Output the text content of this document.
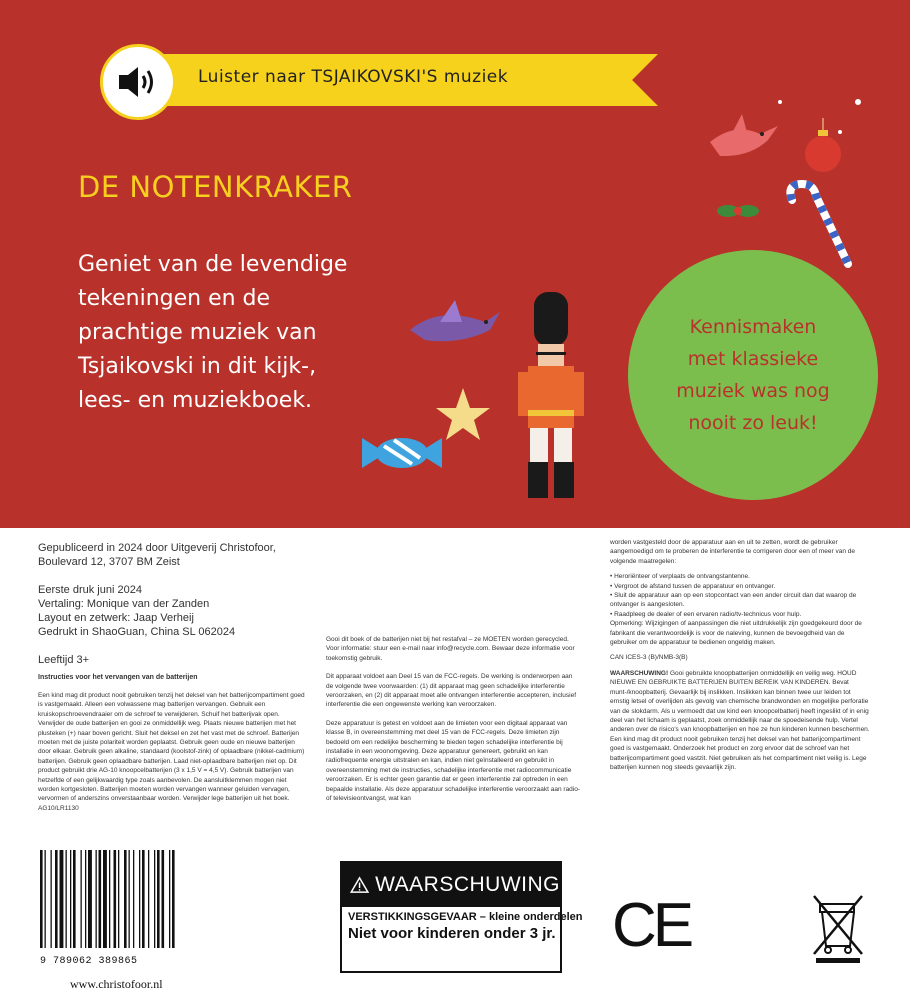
Luister naar TSJAIKOVSKI'S muziek
DE NOTENKRAKER
Geniet van de levendige
tekeningen en de
prachtige muziek van
Tsjaikovski in dit kijk-,
lees- en muziekboek.
Kennismaken
met klassieke
muziek was nog
nooit zo leuk!

Gepubliceerd in 2024 door Uitgeverij Christofoor,

Boulevard 12, 3707 BM Zeist

Eerste druk juni 2024

Vertaling: Monique van der Zanden

Layout en zetwerk: Jaap Verheij

Gedrukt in ShaoGuan, China SL 062024

Leeftijd 3+

Instructies voor het vervangen van de batterijen
Een kind mag dit product nooit gebruiken tenzij het deksel van het batterijcompartiment goed is vastgemaakt. Alleen een volwassene mag batterijen vervangen. Gebruik een kruiskopschroevendraaier om de schroef te verwijderen. Schuif het batterijvak open. Verwijder de oude batterijen en gooi ze onmiddellijk weg. Plaats nieuwe batterijen met het plusteken (+) naar boven gericht. Sluit het deksel en zet het vast met de schroef. Batterijen moeten met de juiste polariteit worden geplaatst. Gebruik geen oude en nieuwe batterijen door elkaar. Gebruik geen alkaline, standaard (koolstof-zink) of oplaadbare (nikkel-cadmium) batterijen. Gebruik geen oplaadbare batterijen. Laad niet-oplaadbare batterijen niet op. Dit product gebruikt drie AG-10 knoopcelbatterijen (3 x 1,5 V = 4,5 V). Gebruik batterijen van hetzelfde of een gelijkwaardig type zoals aanbevolen. De aansluitklemmen mogen niet worden kortgesloten. Batterijen moeten worden vervangen wanneer geluiden vervagen, vervormen of anderszins onverstaanbaar worden. Verwijder lege batterijen uit het boek. AG10/LR1130

Gooi dit boek of de batterijen niet bij het restafval – ze MOETEN worden gerecycled. Voor informatie: stuur een e-mail naar info@recycle.com. Bewaar deze informatie voor toekomstig gebruik.

Dit apparaat voldoet aan Deel 15 van de FCC-regels. De werking is onderworpen aan de volgende twee voorwaarden: (1) dit apparaat mag geen schadelijke interferentie veroorzaken, en (2) dit apparaat moet alle ontvangen interferentie accepteren, inclusief interferentie die een ongewenste werking kan veroorzaken.

Deze apparatuur is getest en voldoet aan de limieten voor een digitaal apparaat van klasse B, in overeenstemming met deel 15 van de FCC-regels. Deze limieten zijn bedoeld om een redelijke bescherming te bieden tegen schadelijke interferentie bij installatie in een woonomgeving. Deze apparatuur genereert, gebruikt en kan radiofrequente energie uitstralen en kan, indien niet geïnstalleerd en gebruikt in overeenstemming met de instructies, schadelijke interferentie met radiocommunicatie veroorzaken. Er is echter geen garantie dat er geen interferentie zal optreden in een bepaalde installatie. Als deze apparatuur schadelijke interferentie veroorzaakt aan radio- of televisieontvangst, wat kan

worden vastgesteld door de apparatuur aan en uit te zetten, wordt de gebruiker aangemoedigd om te proberen de interferentie te corrigeren door een of meer van de volgende maatregelen:

• Heroriënteer of verplaats de ontvangstantenne.
• Vergroot de afstand tussen de apparatuur en ontvanger.
• Sluit de apparatuur aan op een stopcontact van een ander circuit dan dat waarop de ontvanger is aangesloten.
• Raadpleeg de dealer of een ervaren radio/tv-technicus voor hulp.

Opmerking: Wijzigingen of aanpassingen die niet uitdrukkelijk zijn goedgekeurd door de fabrikant die verantwoordelijk is voor de naleving, kunnen de bevoegdheid van de gebruiker om de apparatuur te bedienen ongeldig maken.

CAN ICES-3 (B)/NMB-3(B)

WAARSCHUWING! Gooi gebruikte knoopbatterijen onmiddellijk en veilig weg. HOUD NIEUWE EN GEBRUIKTE BATTERIJEN BUITEN BEREIK VAN KINDEREN. Bevat munt-/knoopbatterij. Gevaarlijk bij inslikken. Inslikken kan binnen twee uur leiden tot ernstig letsel of overlijden als gevolg van chemische brandwonden en mogelijke perforatie van de slokdarm. Als u vermoedt dat uw kind een knoopcelbatterij heeft ingeslikt of in enig deel van het lichaam is geplaatst, zoek onmiddellijk naar de spoedeisende hulp. Vertel anderen over de risico's van knoopbatterijen en hoe ze hun kinderen kunnen beschermen. Een kind mag dit product nooit gebruiken tenzij het deksel van het batterijcompartiment goed is vastgemaakt. Onderzoek het product en zorg ervoor dat de schroef van het batterijcompartiment goed vastzit. Niet gebruiken als het compartiment niet veilig is. Lege batterijen kunnen nog steeds gevaarlijk zijn.

WAARSCHUWING
VERSTIKKINGSGEVAAR – kleine onderdelen
Niet voor kinderen onder 3 jr.
9 789062 389865
www.christofoor.nl
CE
